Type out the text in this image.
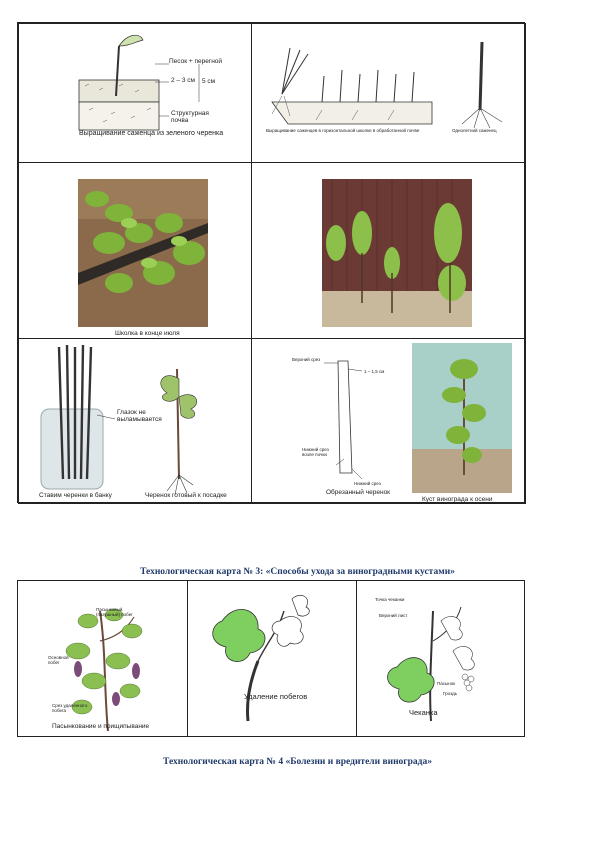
Песок + перегной
2 – 3 см 5 см
Структурная почва
Выращивание саженца из зеленого черенка	Выращивание саженцев в горизонтальной школке в обработанной почве	Однолетний саженец
Школка в конце июля
Глазок не выламывается
Ставим черенки в банку	Черенок готовый к посадке
Верхний срез
1 – 1,5 см
Нижний срез возле почки
Нижний срез
Обрезанный черенок
Куст винограда к осени
Технологическая карта № 3: «Способы ухода за виноградными кустами»
Пасынковый (пазушный) побег
Основной побег
Срез удаленного побега
Пасынкование и прищипывание
Удаление побегов
Точка чеканки
Верхний лист
Пасынок
Гроздь
Чеканка
Технологическая карта № 4 «Болезни и вредители винограда»
